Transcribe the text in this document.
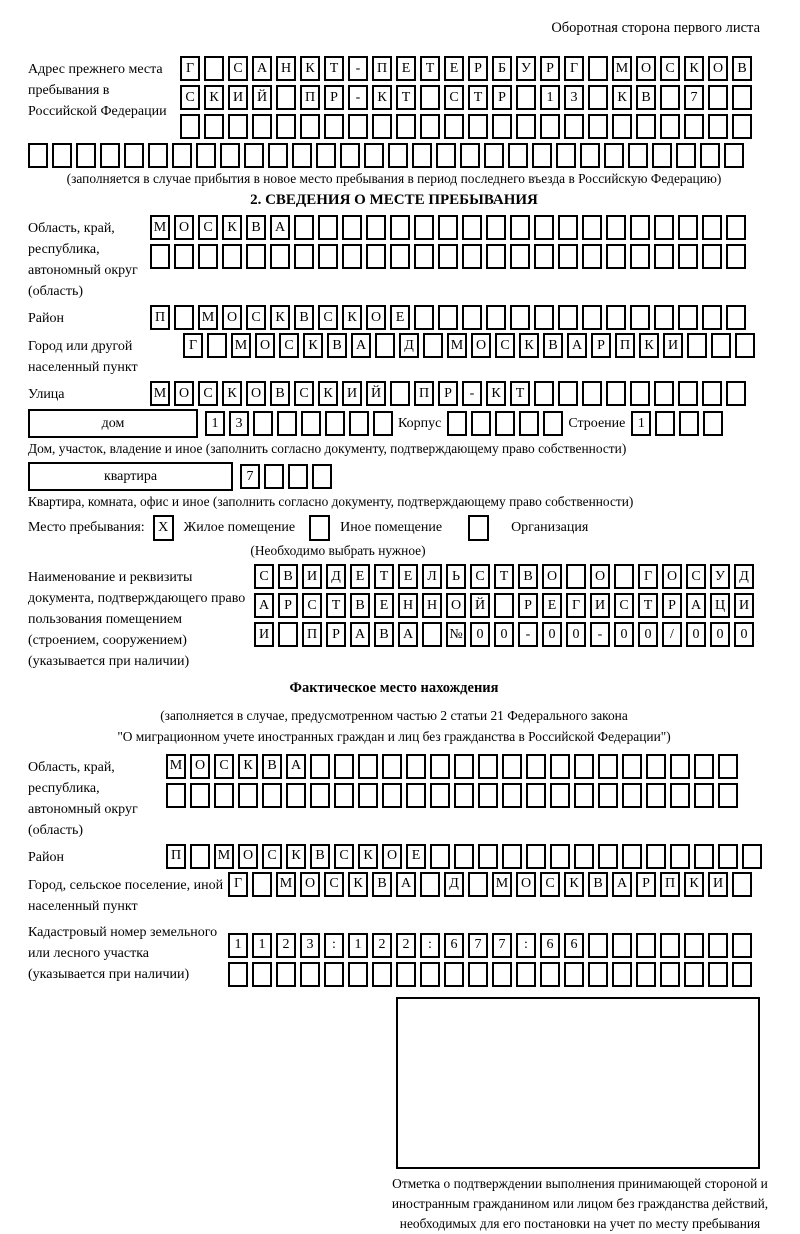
Оборотная сторона первого листа
Адрес прежнего места пребывания в Российской Федерации
Г	С	А Н	К	Т	-	П	Е	Т	Е	Р	Б	У	Р	Г	М О	С	К	О	В
С	К	И Й	П	Р	-	К	Т	С	Т	Р	1	3	К	В	7
(заполняется в случае прибытия в новое место пребывания в период последнего въезда в Российскую Федерацию)
2. СВЕДЕНИЯ О МЕСТЕ ПРЕБЫВАНИЯ
Область, край, республика, автономный округ (область)
М О	С	К	В	А
Район	П	М О	С	К	В	С	К	О	Е
Город или другой населенный пункт
Г	М О	С	К	В	А	Д	М О	С	К	В	А	Р	П	К	И
Улица	М О	С	К	О	В	С	К	И Й	П	Р	-	К	Т
дом	1	3	Корпус	Строение 1
Дом, участок, владение и иное (заполнить согласно документу, подтверждающему право собственности)
квартира	7
Квартира, комната, офис и иное (заполнить согласно документу, подтверждающему право собственности)
Место пребывания: X	Жилое помещение	Иное помещение	Организация
(Необходимо выбрать нужное)
Наименование и реквизиты документа, подтверждающего право пользования помещением (строением, сооружением) (указывается при наличии)
С	В	И	Д	Е	Т	Е	Л	Ь	С	Т	В	О	О	Г	О	С	У	Д
А	Р	С	Т	В	Е	Н Н О Й	Р	Е	Г	И	С	Т	Р	А Ц И
И	П	Р	А	В	А	№ 0	0	-	0	0	-	0	0	/	0	0	0
Фактическое место нахождения
(заполняется в случае, предусмотренном частью 2 статьи 21 Федерального закона
"О миграционном учете иностранных граждан и лиц без гражданства в Российской Федерации")
Область, край, республика, автономный округ (область)
М О	С	К	В	А
Район	П	М О	С	К	В	С	К	О	Е
Город, сельское поселение, иной населенный пункт
Г	М О	С	К	В	А	Д	М О	С	К	В	А	Р	П	К	И
Кадастровый номер земельного или лесного участка (указывается при наличии)
1	1	2	3	:	1	2	2	:	6	7	7	:	6	6
Отметка о подтверждении выполнения принимающей стороной и иностранным гражданином или лицом без гражданства действий, необходимых для его постановки на учет по месту пребывания
